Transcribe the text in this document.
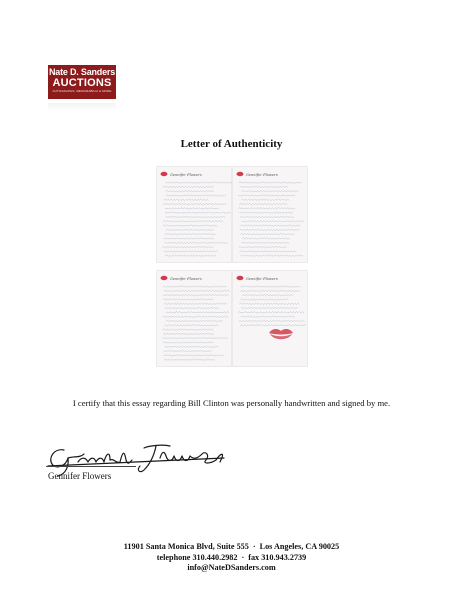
Nate D. Sanders
AUCTIONS
AUTOGRAPHS, MEMORABILIA & MORE
Letter of Authenticity
Gennifer Flowers	Gennifer Flowers
Gennifer Flowers	Gennifer Flowers
I certify that this essay regarding Bill Clinton was personally handwritten and signed by me.
Gennifer Flowers
11901 Santa Monica Blvd, Suite 555 · Los Angeles, CA 90025
telephone 310.440.2982 · fax 310.943.2739
info@NateDSanders.com
